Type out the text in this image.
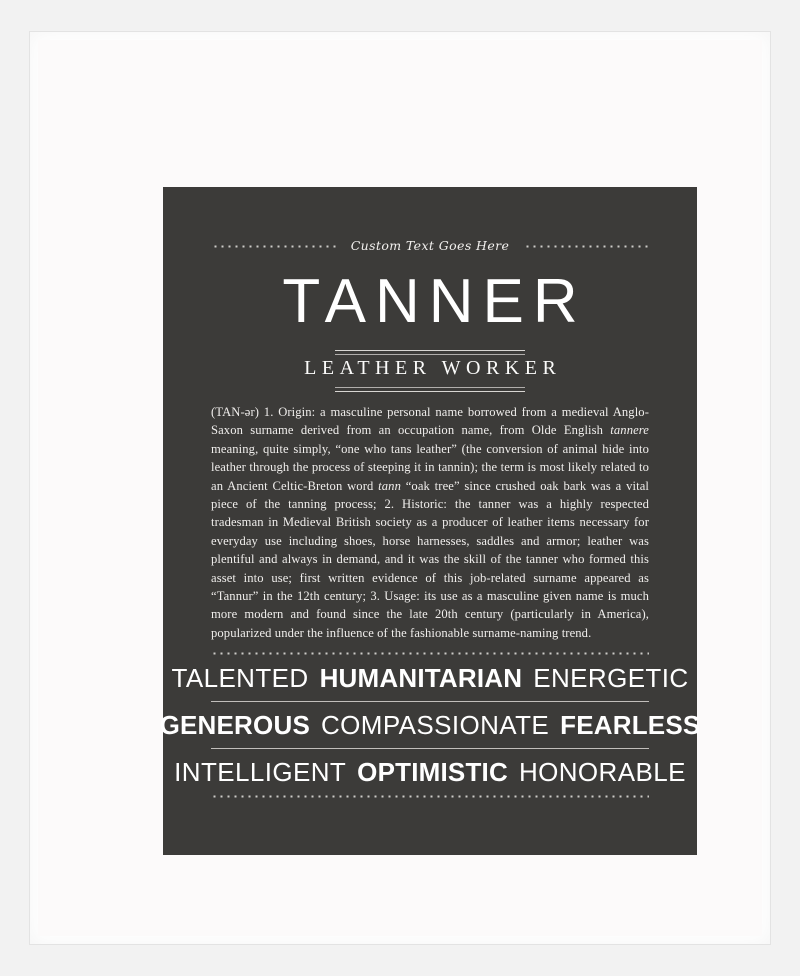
Custom Text Goes Here
TANNER
LEATHER WORKER
(TAN-ər) 1. Origin: a masculine personal name borrowed from a medieval Anglo-Saxon surname derived from an occupation name, from Olde English tannere meaning, quite simply, “one who tans leather” (the conversion of animal hide into leather through the process of steeping it in tannin); the term is most likely related to an Ancient Celtic-Breton word tann “oak tree” since crushed oak bark was a vital piece of the tanning process; 2. Historic: the tanner was a highly respected tradesman in Medieval British society as a producer of leather items necessary for everyday use including shoes, horse harnesses, saddles and armor; leather was plentiful and always in demand, and it was the skill of the tanner who formed this asset into use; first written evidence of this job-related surname appeared as “Tannur” in the 12th century; 3. Usage: its use as a masculine given name is much more modern and found since the late 20th century (particularly in America), popularized under the influence of the fashionable surname-naming trend.
TALENTED HUMANITARIAN ENERGETIC
GENEROUS COMPASSIONATE FEARLESS
INTELLIGENT OPTIMISTIC HONORABLE
